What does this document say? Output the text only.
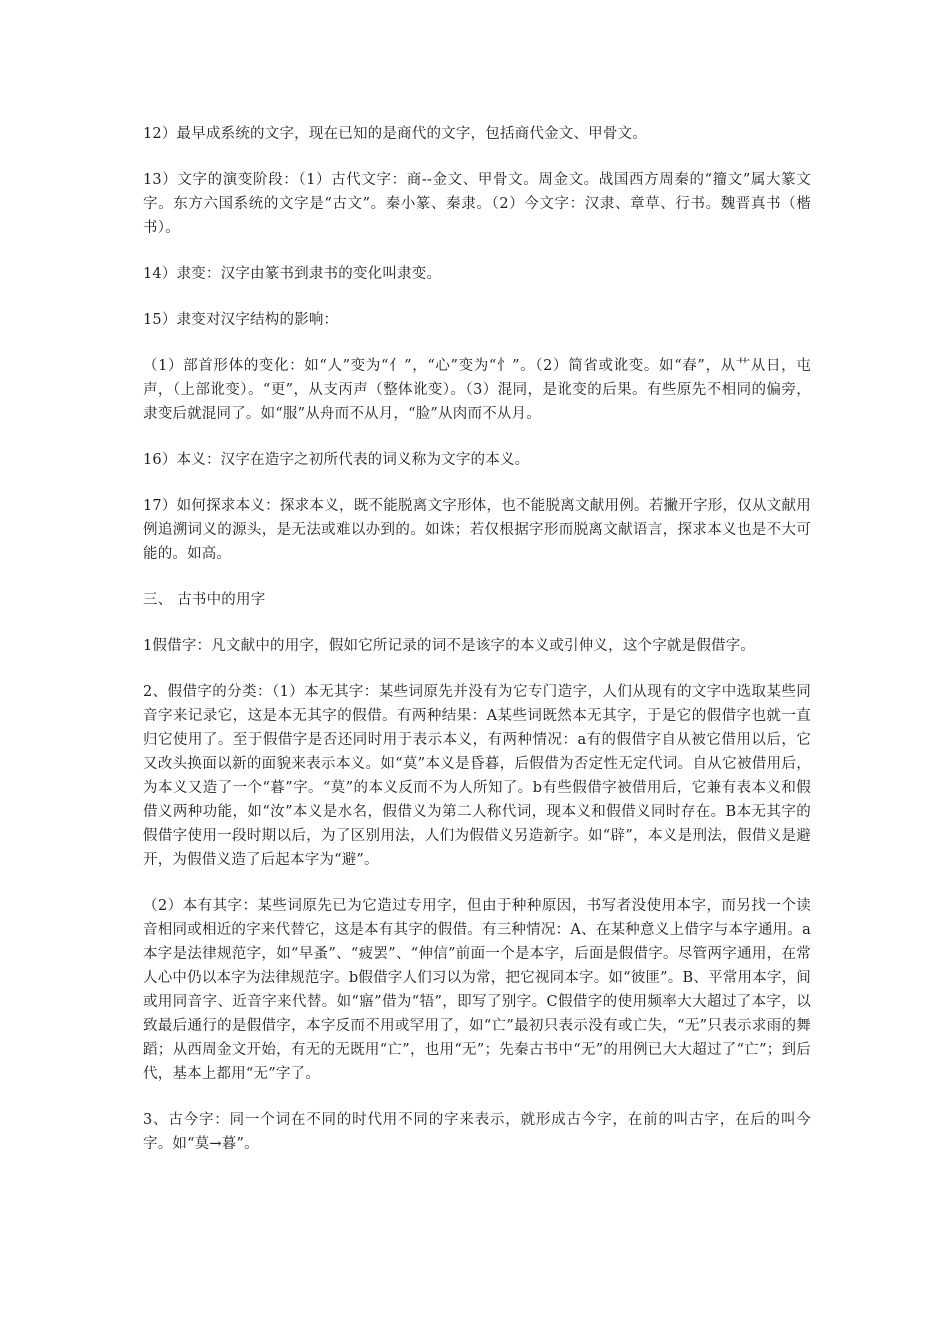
12）最早成系统的文字，现在已知的是商代的文字，包括商代金文、甲骨文。

13）文字的演变阶段：（1）古代文字：商--金文、甲骨文。周金文。战国西方周秦的“籀文”属大篆文字。东方六国系统的文字是“古文”。秦小篆、秦隶。（2）今文字：汉隶、章草、行书。魏晋真书（楷书）。

14）隶变：汉字由篆书到隶书的变化叫隶变。

15）隶变对汉字结构的影响：

（1）部首形体的变化：如“人”变为“亻”，“心”变为“忄”。（2）简省或讹变。如“春”，从艹从日，屯声，（上部讹变）。“更”，从支丙声（整体讹变）。（3）混同，是讹变的后果。有些原先不相同的偏旁，隶变后就混同了。如“服”从舟而不从月，“脸”从肉而不从月。

16）本义：汉字在造字之初所代表的词义称为文字的本义。

17）如何探求本义：探求本义，既不能脱离文字形体，也不能脱离文献用例。若撇开字形，仅从文献用例追溯词义的源头，是无法或难以办到的。如诛；若仅根据字形而脱离文献语言，探求本义也是不大可能的。如高。

三、 古书中的用字

1假借字：凡文献中的用字，假如它所记录的词不是该字的本义或引伸义，这个字就是假借字。

2、假借字的分类：（1）本无其字：某些词原先并没有为它专门造字，人们从现有的文字中选取某些同音字来记录它，这是本无其字的假借。有两种结果：A某些词既然本无其字，于是它的假借字也就一直归它使用了。至于假借字是否还同时用于表示本义，有两种情况：a有的假借字自从被它借用以后，它又改头换面以新的面貌来表示本义。如“莫”本义是昏暮，后假借为否定性无定代词。自从它被借用后，为本义又造了一个“暮”字。“莫”的本义反而不为人所知了。b有些假借字被借用后，它兼有表本义和假借义两种功能，如“汝”本义是水名，假借义为第二人称代词，现本义和假借义同时存在。B本无其字的假借字使用一段时期以后，为了区别用法，人们为假借义另造新字。如“辟”，本义是刑法，假借义是避开，为假借义造了后起本字为“避”。

（2）本有其字：某些词原先已为它造过专用字，但由于种种原因，书写者没使用本字，而另找一个读音相同或相近的字来代替它，这是本有其字的假借。有三种情况：A、在某种意义上借字与本字通用。a本字是法律规范字，如“早蚤”、“疲罢”、“伸信”前面一个是本字，后面是假借字。尽管两字通用，在常人心中仍以本字为法律规范字。b假借字人们习以为常，把它视同本字。如“彼匪”。B、平常用本字，间或用同音字、近音字来代替。如“寤”借为“牾”，即写了别字。C假借字的使用频率大大超过了本字，以致最后通行的是假借字，本字反而不用或罕用了，如“亡”最初只表示没有或亡失，“无”只表示求雨的舞蹈；从西周金文开始，有无的无既用“亡”，也用“无”；先秦古书中“无”的用例已大大超过了“亡”；到后代，基本上都用“无”字了。

3、古今字：同一个词在不同的时代用不同的字来表示，就形成古今字，在前的叫古字，在后的叫今字。如“莫→暮”。
